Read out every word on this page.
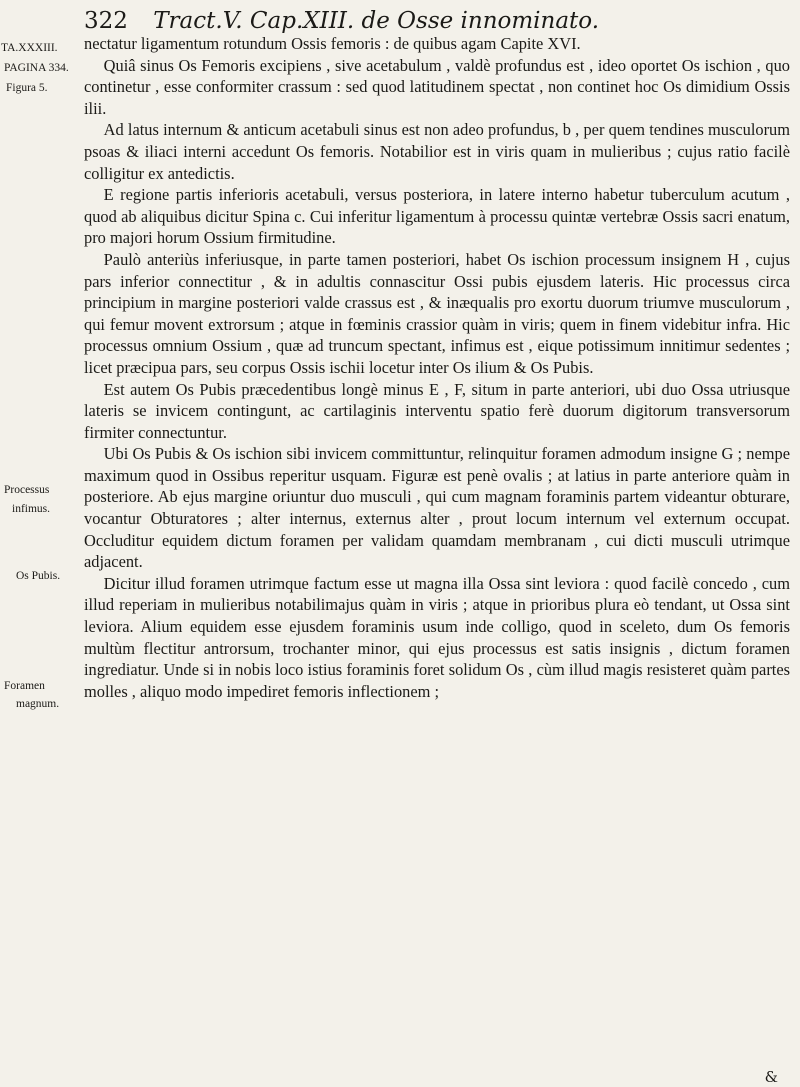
322 Tract.V. Cap.XIII. de Osse innominato.
TA.XXXIII.
PAGINA 334.
Figura 5.
Processus
infimus.
Os Pubis.
Foramen
magnum.

nectatur ligamentum rotundum Ossis femoris : de quibus agam Capite XVI.

Quiâ sinus Os Femoris excipiens , sive acetabulum , valdè profundus est , ideo oportet Os ischion , quo continetur , esse conformiter crassum : sed quod latitudinem spectat , non continet hoc Os dimidium Ossis ilii.

Ad latus internum & anticum acetabuli sinus est non adeo profundus, b , per quem tendines musculorum psoas & iliaci interni accedunt Os femoris. Notabilior est in viris quam in mulieribus ; cujus ratio facilè colligitur ex antedictis.

E regione partis inferioris acetabuli, versus posteriora, in latere interno habetur tuberculum acutum , quod ab aliquibus dicitur Spina c. Cui inferitur ligamentum à processu quintæ vertebræ Ossis sacri enatum, pro majori horum Ossium firmitudine.

Paulò anteriùs inferiusque, in parte tamen posteriori, habet Os ischion processum insignem H , cujus pars inferior connectitur , & in adultis connascitur Ossi pubis ejusdem lateris. Hic processus circa principium in margine posteriori valde crassus est , & inæqualis pro exortu duorum triumve musculorum , qui femur movent extrorsum ; atque in fœminis crassior quàm in viris; quem in finem videbitur infra. Hic processus omnium Ossium , quæ ad truncum spectant, infimus est , eique potissimum innitimur sedentes ; licet præcipua pars, seu corpus Ossis ischii locetur inter Os ilium & Os Pubis.

Est autem Os Pubis præcedentibus longè minus E , F, situm in parte anteriori, ubi duo Ossa utriusque lateris se invicem contingunt, ac cartilaginis interventu spatio ferè duorum digitorum transversorum firmiter connectuntur.

Ubi Os Pubis & Os ischion sibi invicem committuntur, relinquitur foramen admodum insigne G ; nempe maximum quod in Ossibus reperitur usquam. Figuræ est penè ovalis ; at latius in parte anteriore quàm in posteriore. Ab ejus margine oriuntur duo musculi , qui cum magnam foraminis partem videantur obturare, vocantur Obturatores ; alter internus, externus alter , prout locum internum vel externum occupat. Occluditur equidem dictum foramen per validam quamdam membranam , cui dicti musculi utrimque adjacent.

Dicitur illud foramen utrimque factum esse ut magna illa Ossa sint leviora : quod facilè concedo , cum illud reperiam in mulieribus notabilimajus quàm in viris ; atque in prioribus plura eò tendant, ut Ossa sint leviora. Alium equidem esse ejusdem foraminis usum inde colligo, quod in sceleto, dum Os femoris multùm flectitur antrorsum, trochanter minor, qui ejus processus est satis insignis , dictum foramen ingrediatur. Unde si in nobis loco istius foraminis foret solidum Os , cùm illud magis resisteret quàm partes molles , aliquo modo impediret femoris inflectionem ;

&
